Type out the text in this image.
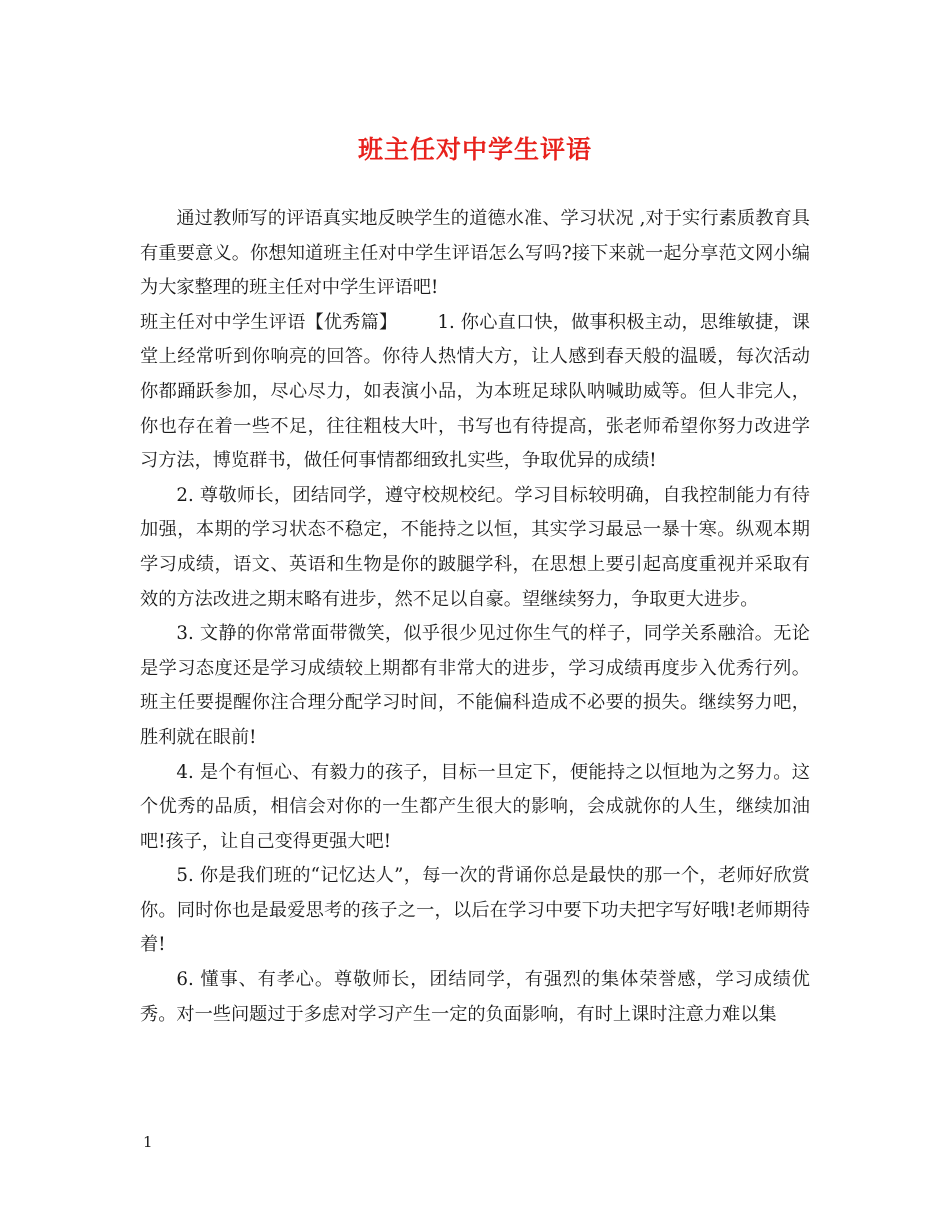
班主任对中学生评语

通过教师写的评语真实地反映学生的道德水准、学习状况 ,对于实行素质教育具有重要意义。你想知道班主任对中学生评语怎么写吗?接下来就一起分享范文网小编为大家整理的班主任对中学生评语吧!

班主任对中学生评语【优秀篇】 1. 你心直口快，做事积极主动，思维敏捷，课堂上经常听到你响亮的回答。你待人热情大方，让人感到春天般的温暖，每次活动你都踊跃参加，尽心尽力，如表演小品，为本班足球队呐喊助威等。但人非完人，你也存在着一些不足，往往粗枝大叶，书写也有待提高，张老师希望你努力改进学习方法，博览群书，做任何事情都细致扎实些，争取优异的成绩!

2. 尊敬师长，团结同学，遵守校规校纪。学习目标较明确，自我控制能力有待加强，本期的学习状态不稳定，不能持之以恒，其实学习最忌一暴十寒。纵观本期学习成绩，语文、英语和生物是你的跛腿学科，在思想上要引起高度重视并采取有效的方法改进之期末略有进步，然不足以自豪。望继续努力，争取更大进步。

3. 文静的你常常面带微笑，似乎很少见过你生气的样子，同学关系融洽。无论是学习态度还是学习成绩较上期都有非常大的进步，学习成绩再度步入优秀行列。班主任要提醒你注合理分配学习时间，不能偏科造成不必要的损失。继续努力吧，胜利就在眼前!

4. 是个有恒心、有毅力的孩子，目标一旦定下，便能持之以恒地为之努力。这个优秀的品质，相信会对你的一生都产生很大的影响，会成就你的人生，继续加油吧!孩子，让自己变得更强大吧!

5. 你是我们班的“记忆达人”，每一次的背诵你总是最快的那一个，老师好欣赏你。同时你也是最爱思考的孩子之一，以后在学习中要下功夫把字写好哦!老师期待着!

6. 懂事、有孝心。尊敬师长，团结同学，有强烈的集体荣誉感，学习成绩优秀。对一些问题过于多虑对学习产生一定的负面影响，有时上课时注意力难以集

1
